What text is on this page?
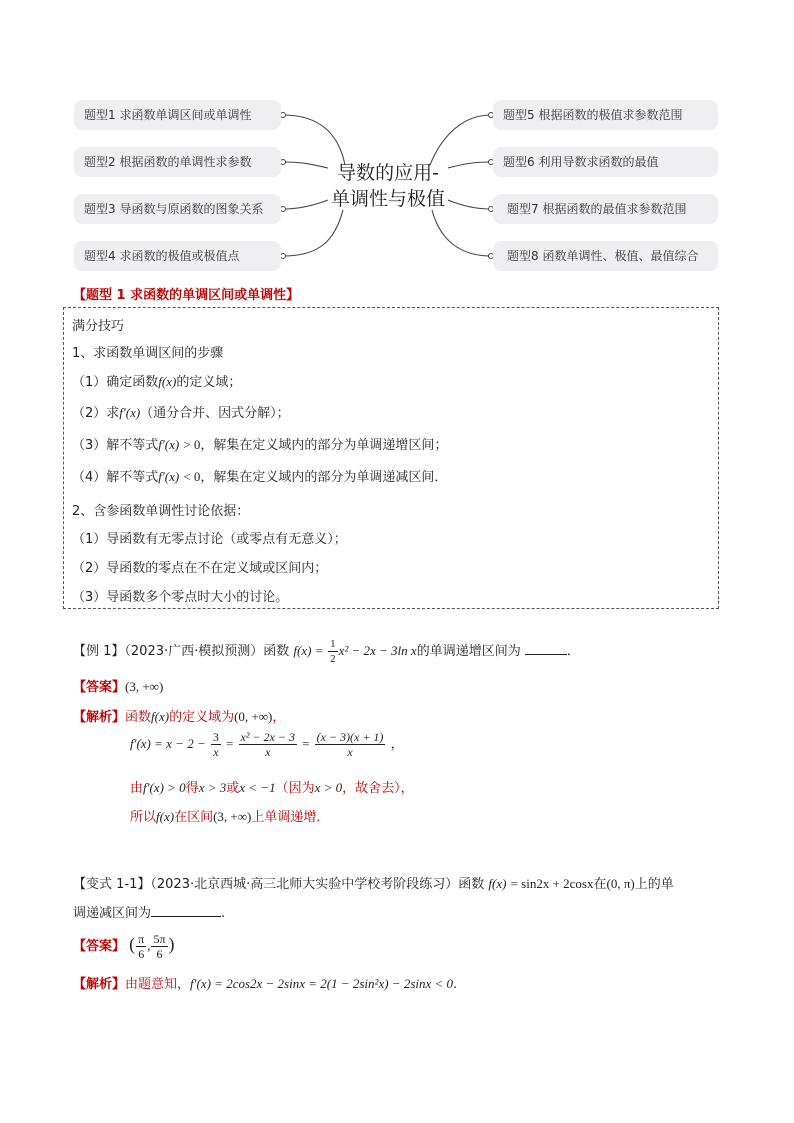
题型1 求函数单调区间或单调性
题型2 根据函数的单调性求参数
题型3 导函数与原函数的图象关系
题型4 求函数的极值或极值点
题型5 根据函数的极值求参数范围
题型6 利用导数求函数的最值
题型7 根据函数的最值求参数范围
题型8 函数单调性、极值、最值综合
导数的应用-
单调性与极值
【题型 1 求函数的单调区间或单调性】
满分技巧
1、求函数单调区间的步骤
（1）确定函数f(x)的定义域；
（2）求f′(x)（通分合并、因式分解）；
（3）解不等式f′(x) > 0，解集在定义域内的部分为单调递增区间；
（4）解不等式f′(x) < 0，解集在定义域内的部分为单调递减区间．
2、含参函数单调性讨论依据：
（1）导函数有无零点讨论（或零点有无意义）；
（2）导函数的零点在不在定义域或区间内；
（3）导函数多个零点时大小的讨论。
【例 1】（2023·广西·模拟预测）函数 $f(x) = \frac{1}{2} x^2 - 2x - 3\ln$ x的单调递增区间为	．
【答案】(3, +∞)
【解析】函数f(x)的定义域为(0, +∞)，
$f'(x) = x - 2 - \frac{3}{x} = \frac{\text{x² − 2x − 3}}{x} = \frac{(x - 3)(x + 1)}{x}$ ，
由f′(x) > 0得x > 3或x < −1（因为x > 0，故舍去），
所以f(x)在区间(3, +∞)上单调递增．
【变式 1-1】（2023·北京西城·高三北师大实验中学校考阶段练习）函数 f(x) = sin2x + 2cosx在(0, π)上的单
调递减区间为	.
【答案】 ( $\frac{\pi}{6}$ , $\frac{5\pi}{6}$ )
【解析】由题意知，f′(x) = 2cos2x − 2sinx = 2(1 − 2sin²x) − 2sinx < 0.
